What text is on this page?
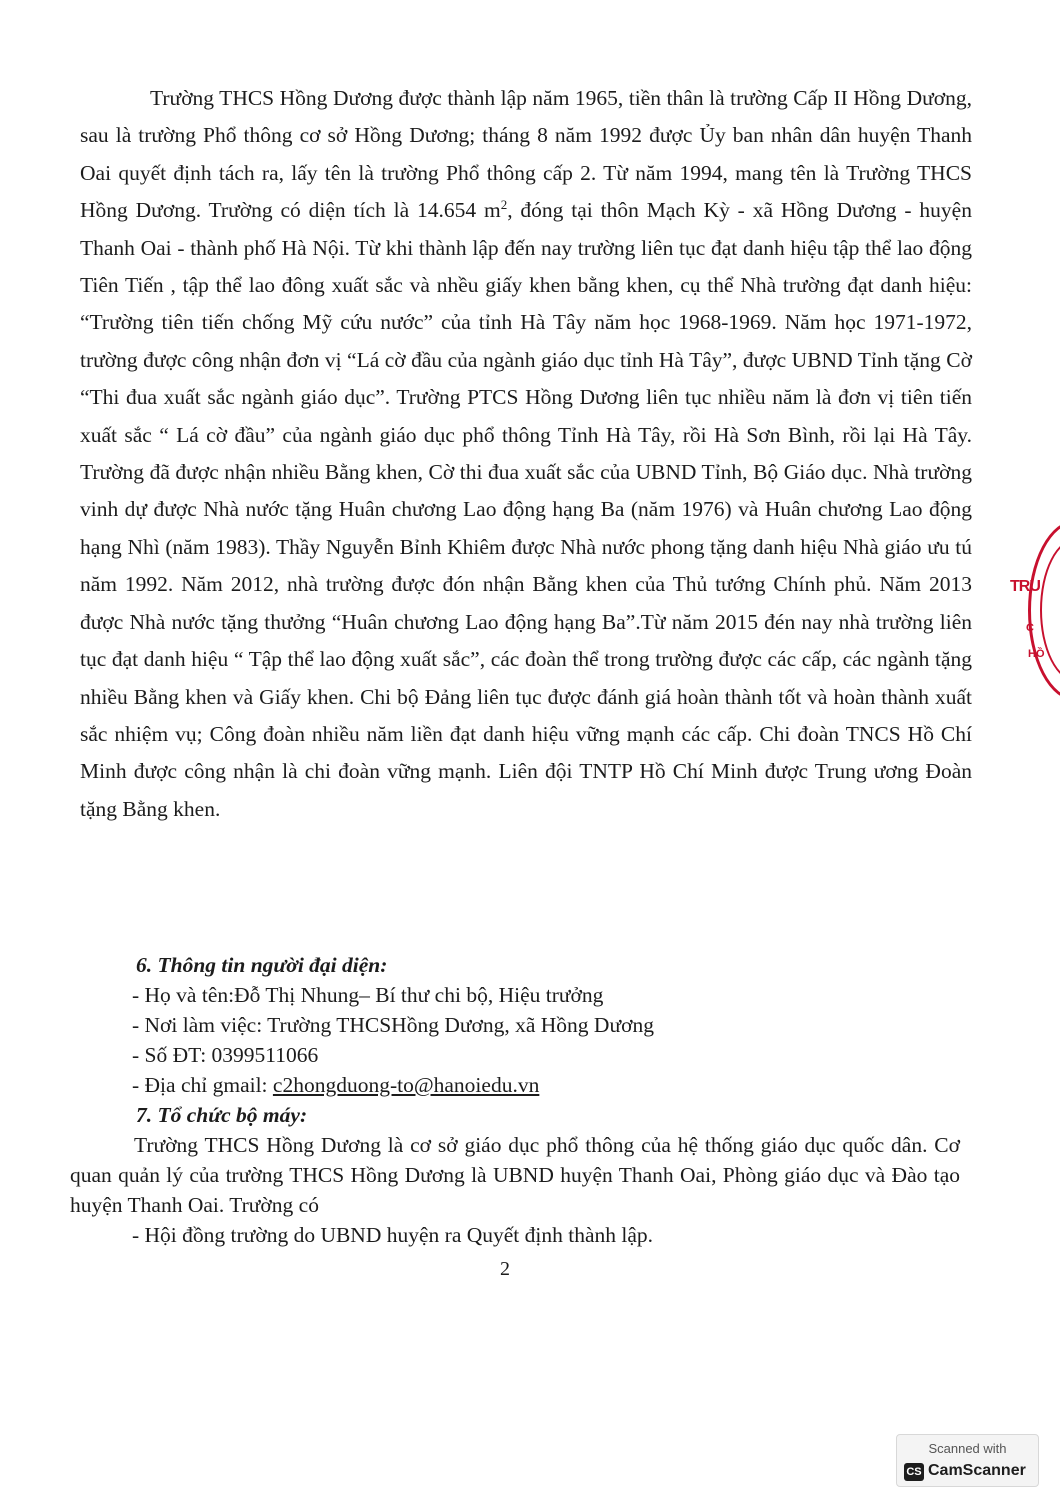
Trường THCS Hồng Dương được thành lập năm 1965, tiền thân là trường Cấp II Hồng Dương, sau là trường Phổ thông cơ sở Hồng Dương; tháng 8 năm 1992 được Ủy ban nhân dân huyện Thanh Oai quyết định tách ra, lấy tên là trường Phổ thông cấp 2. Từ năm 1994, mang tên là Trường THCS Hồng Dương. Trường có diện tích là 14.654 $m^2$, đóng tại thôn Mạch Kỳ - xã Hồng Dương - huyện Thanh Oai - thành phố Hà Nội. Từ khi thành lập đến nay trường liên tục đạt danh hiệu tập thể lao động Tiên Tiến , tập thể lao đông xuất sắc và nhều giấy khen bằng khen, cụ thể Nhà trường đạt danh hiệu: “Trường tiên tiến chống Mỹ cứu nước” của tỉnh Hà Tây năm học 1968-1969. Năm học 1971-1972, trường được công nhận đơn vị “Lá cờ đầu của ngành giáo dục tỉnh Hà Tây”, được UBND Tỉnh tặng Cờ “Thi đua xuất sắc ngành giáo dục”. Trường PTCS Hồng Dương liên tục nhiều năm là đơn vị tiên tiến xuất sắc “ Lá cờ đầu” của ngành giáo dục phổ thông Tỉnh Hà Tây, rồi Hà Sơn Bình, rồi lại Hà Tây. Trường đã được nhận nhiều Bằng khen, Cờ thi đua xuất sắc của UBND Tỉnh, Bộ Giáo dục. Nhà trường vinh dự được Nhà nước tặng Huân chương Lao động hạng Ba (năm 1976) và Huân chương Lao động hạng Nhì (năm 1983). Thầy Nguyễn Bỉnh Khiêm được Nhà nước phong tặng danh hiệu Nhà giáo ưu tú năm 1992. Năm 2012, nhà trường được đón nhận Bằng khen của Thủ tướng Chính phủ. Năm 2013 được Nhà nước tặng thưởng “Huân chương Lao động hạng Ba”.Từ năm 2015 đén nay nhà trường liên tục đạt danh hiệu “ Tập thể lao động xuất sắc”, các đoàn thể trong trường được các cấp, các ngành tặng nhiều Bằng khen và Giấy khen. Chi bộ Đảng liên tục được đánh giá hoàn thành tốt và hoàn thành xuất sắc nhiệm vụ; Công đoàn nhiều năm liền đạt danh hiệu vững mạnh các cấp. Chi đoàn TNCS Hồ Chí Minh được công nhận là chi đoàn vững mạnh. Liên đội TNTP Hồ Chí Minh được Trung ương Đoàn tặng Bằng khen.

6. Thông tin người đại diện:

- Họ và tên:Đỗ Thị Nhung– Bí thư chi bộ, Hiệu trưởng

- Nơi làm việc: Trường THCSHồng Dương, xã Hồng Dương

- Số ĐT: 0399511066

- Địa chỉ gmail: c2hongduong-to@hanoiedu.vn

7. Tổ chức bộ máy:

Trường THCS Hồng Dương là cơ sở giáo dục phổ thông của hệ thống giáo dục quốc dân. Cơ quan quản lý của trường THCS Hồng Dương là UBND huyện Thanh Oai, Phòng giáo dục và Đào tạo huyện Thanh Oai. Trường có

- Hội đồng trường do UBND huyện ra Quyết định thành lập.

2
TRU
C
HỒ
Scanned with
CS CamScanner
